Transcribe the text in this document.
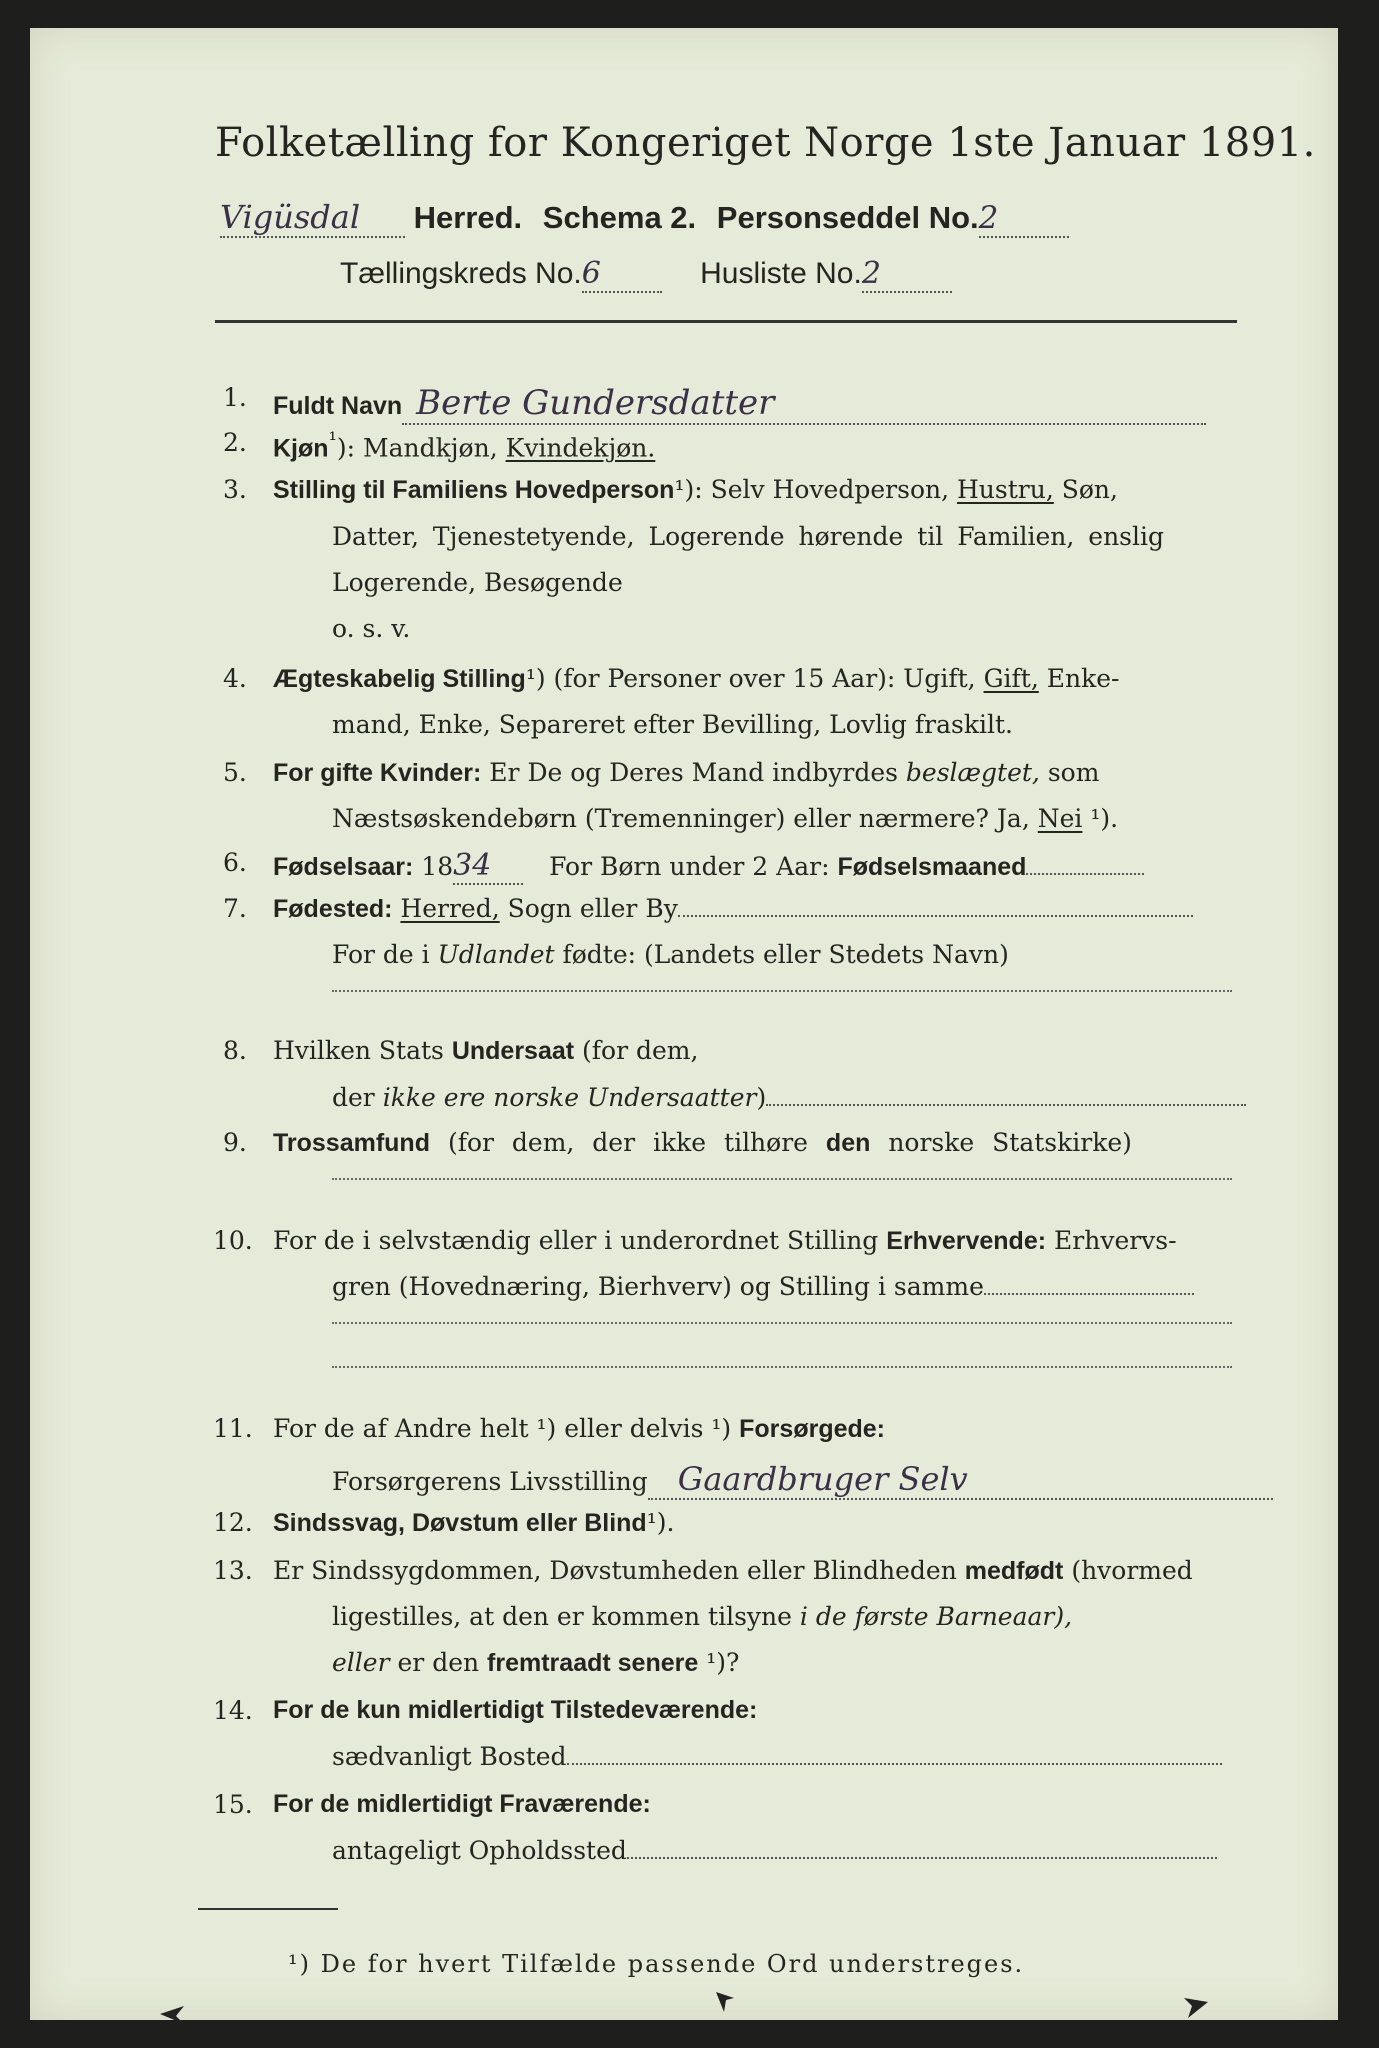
Folketælling for Kongeriget Norge 1ste Januar 1891.
Vigüsdal Herred. Schema 2. Personseddel No.2
Tællingskreds No.6	Husliste No.2
1. Fuldt Navn Berte Gundersdatter
2. Kjøn$^{^1}$): Mandkjøn, Kvindekjøn.
3. Stilling til Familiens Hovedperson¹): Selv Hovedperson, Hustru, Søn,
Datter, Tjenestetyende, Logerende hørende til Familien, enslig
Logerende, Besøgende
o. s. v.
4. Ægteskabelig Stilling¹) (for Personer over 15 Aar): Ugift, Gift, Enke-
mand, Enke, Separeret efter Bevilling, Lovlig fraskilt.
5. For gifte Kvinder: Er De og Deres Mand indbyrdes beslægtet, som
Næstsøskendebørn (Tremenninger) eller nærmere? Ja, Nei ¹).
6. Fødselsaar: 1834 For Børn under 2 Aar: Fødselsmaaned
7. Fødested: Herred, Sogn eller By
For de i Udlandet fødte: (Landets eller Stedets Navn)
8. Hvilken Stats Undersaat (for dem,
der ikke ere norske Undersaatter)
9. Trossamfund (for dem, der ikke tilhøre den norske Statskirke)
10. For de i selvstændig eller i underordnet Stilling Erhvervende: Erhvervs-
gren (Hovednæring, Bierhverv) og Stilling i samme
11. For de af Andre helt ¹) eller delvis ¹) Forsørgede:
Forsørgerens Livsstilling Gaardbruger Selv
12. Sindssvag, Døvstum eller Blind¹).
13. Er Sindssygdommen, Døvstumheden eller Blindheden medfødt (hvormed
ligestilles, at den er kommen tilsyne i de første Barneaar),
eller er den fremtraadt senere ¹)?
14. For de kun midlertidigt Tilstedeværende:
sædvanligt Bosted
15. For de midlertidigt Fraværende:
antageligt Opholdssted
¹) De for hvert Tilfælde passende Ord understreges.
